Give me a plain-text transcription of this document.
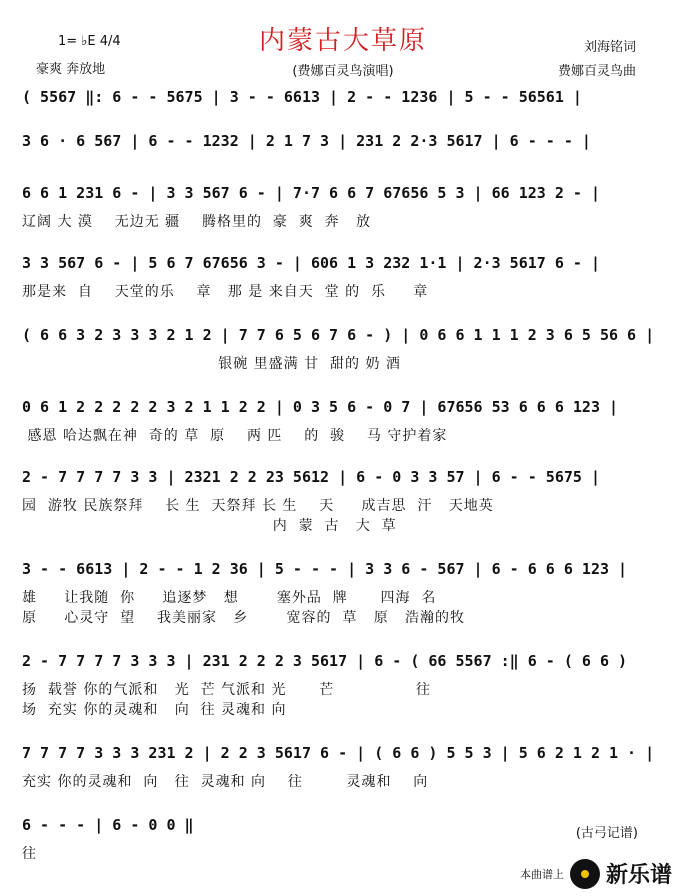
内蒙古大草原
1= ♭E 4/4
豪爽 奔放地
刘海铭词
(费娜百灵鸟演唱)	费娜百灵鸟曲
( 5567 ‖: 6 - - 5675 | 3 - - 6613 | 2 - - 1236 | 5 - - 56561 |
3 6 · 6 567 | 6 - - 1232 | 2 1 7 3 | 231 2 2·3 5617 | 6 - - - |
6 6 1 231 6 - | 3 3 567 6 - | 7·7 6 6 7 67656 5 3 | 66 123 2 - |
辽阔 大 漠    无边无 疆    腾格里的  豪  爽  奔   放
3 3 567 6 - | 5 6 7 67656 3 - | 606 1 3 232 1·1 | 2·3 5617 6 - |
那是来  自    天堂的乐    章   那 是 来自天  堂 的  乐     章
( 6 6 3 2 3 3 3 2 1 2 | 7 7 6 5 6 7 6 - ) | 0 6 6 1 1 1 2 3 6 5 56 6 |
银碗 里盛满 甘  甜的 奶 酒
0 6 1 2 2 2 2 2 3 2 1 1 2 2 | 0 3 5 6 - 0 7 | 67656 53 6 6 6 123 |
感恩 哈达飘在神  奇的 草  原    两 匹    的  骏    马 守护着家
2 - 7 7 7 7 3 3 | 2321 2 2 23 5612 | 6 - 0 3 3 57 | 6 - - 5675 |
园  游牧 民族祭拜    长 生  天祭拜 长 生    天     成吉思  汗   天地英
内  蒙  古   大  草
3 - - 6613 | 2 - - 1 2 36 | 5 - - - | 3 3 6 - 567 | 6 - 6 6 6 123 |
雄     让我随  你     追逐梦   想       塞外品  牌      四海  名
原     心灵守  望    我美丽家   乡       宽容的  草   原   浩瀚的牧
2 - 7 7 7 7 3 3 3 | 231 2 2 2 3 5617 | 6 - ( 66 5567 :‖ 6 - ( 6 6 )
扬  载誉 你的气派和   光  芒 气派和 光      芒               往
场  充实 你的灵魂和   向  往 灵魂和 向
7 7 7 7 3 3 3 231 2 | 2 2 3 5617 6 - | ( 6 6 ) 5 5 3 | 5 6 2 1 2 1 · |
充实 你的灵魂和  向   往  灵魂和 向    往        灵魂和    向
6 - - - | 6 - 0 0 ‖
往
(古弓记谱)
本曲谱上 新乐谱
